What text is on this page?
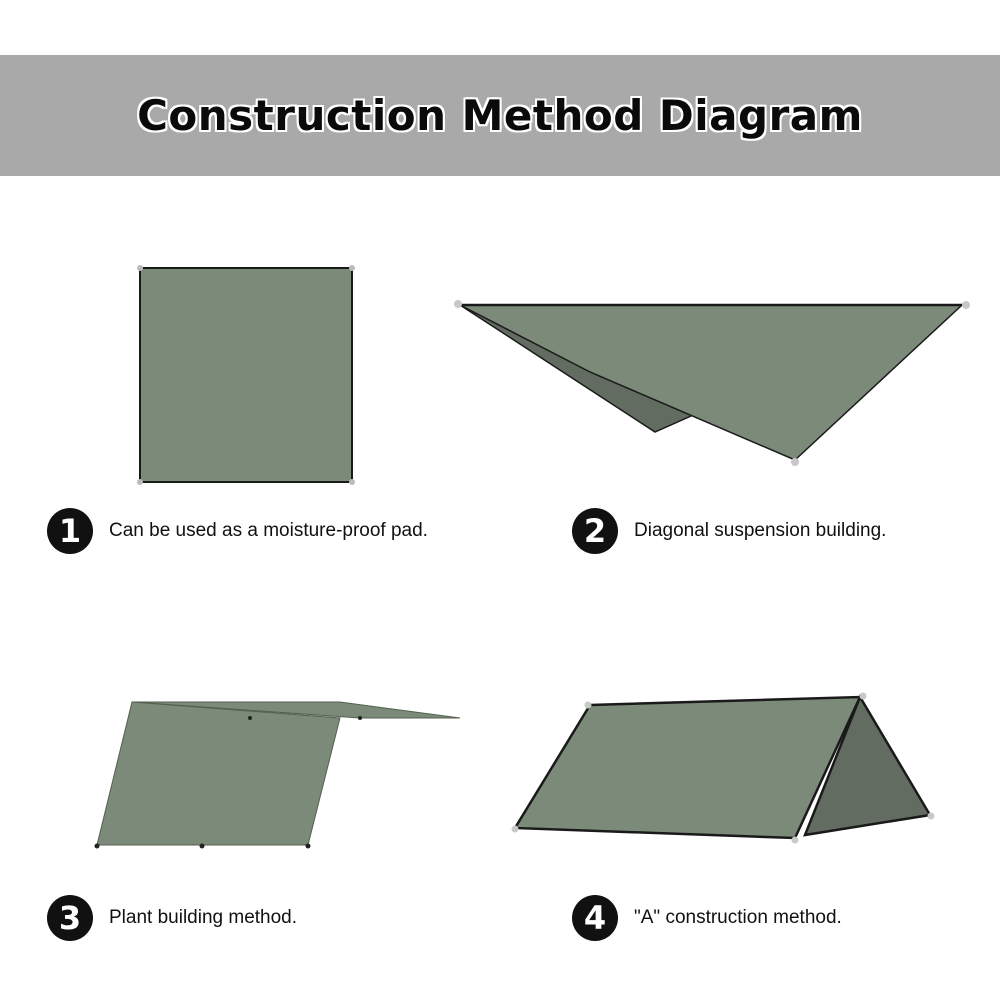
Construction Method Diagram
1	Can be used as a moisture-proof pad.	2	Diagonal suspension building.
3	Plant building method.	4	"A" construction method.
